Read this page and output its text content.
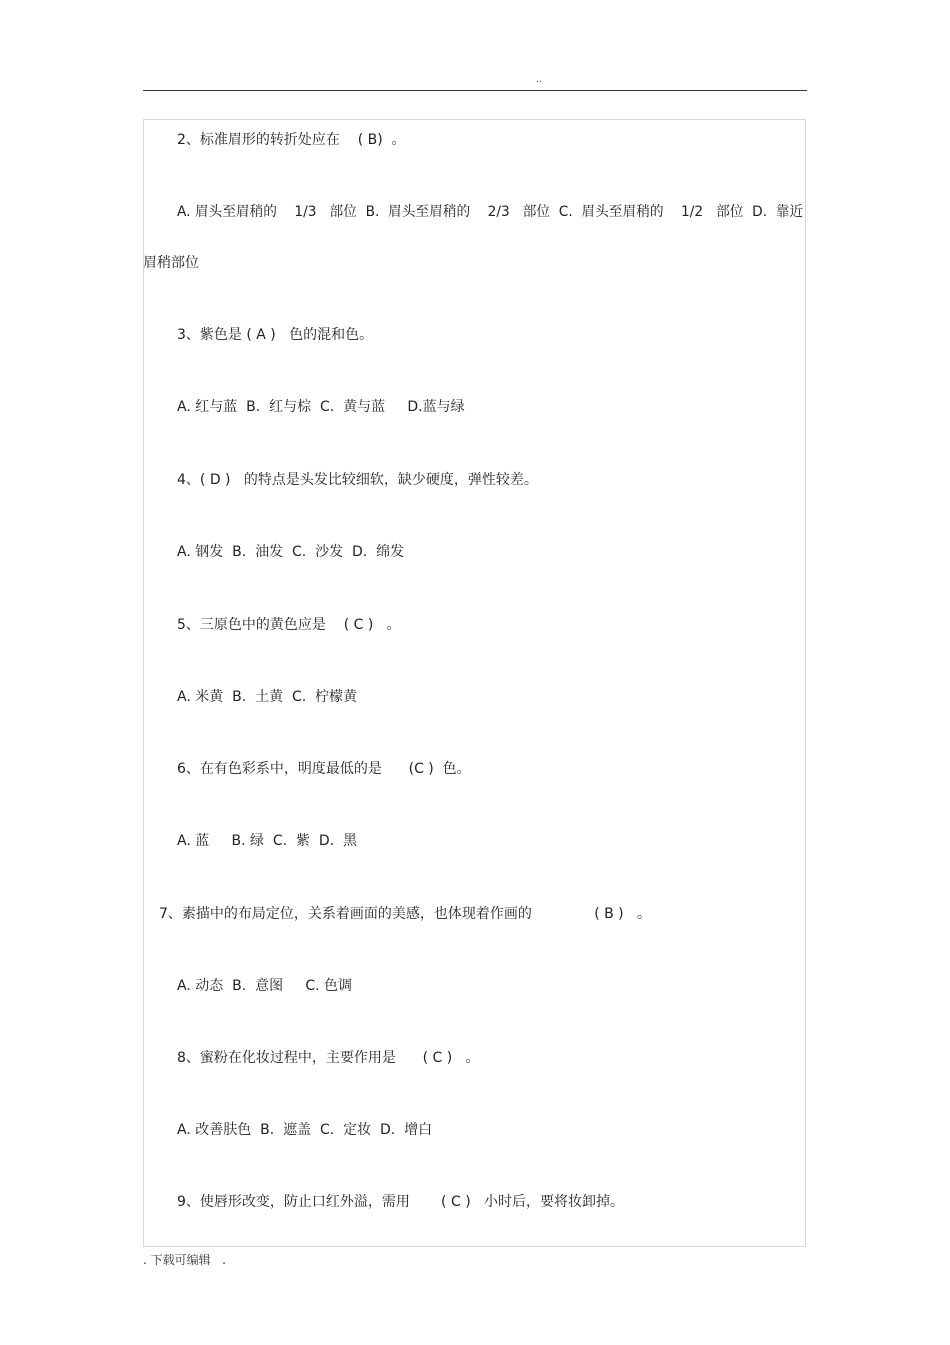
..
2、标准眉形的转折处应在    ( B)  。
A. 眉头至眉稍的    1/3   部位  B.  眉头至眉稍的    2/3   部位  C.  眉头至眉稍的    1/2   部位  D.  靠近
眉稍部位
3、紫色是 ( A )   色的混和色。
A. 红与蓝  B.  红与棕  C.  黄与蓝     D.蓝与绿
4、( D )   的特点是头发比较细软，缺少硬度，弹性较差。
A. 钢发  B.  油发  C.  沙发  D.  绵发
5、三原色中的黄色应是    ( C )   。
A. 米黄  B.  土黄  C.  柠檬黄
6、在有色彩系中，明度最低的是      (C )  色。
A. 蓝     B. 绿  C.  紫  D.  黑
7、素描中的布局定位，关系着画面的美感，也体现着作画的              ( B )   。
A. 动态  B.  意图     C. 色调
8、蜜粉在化妆过程中，主要作用是      ( C )   。
A. 改善肤色  B.  遮盖  C.  定妆  D.  增白
9、使唇形改变，防止口红外溢，需用       ( C )   小时后，要将妆卸掉。
. 下载可编辑   .
